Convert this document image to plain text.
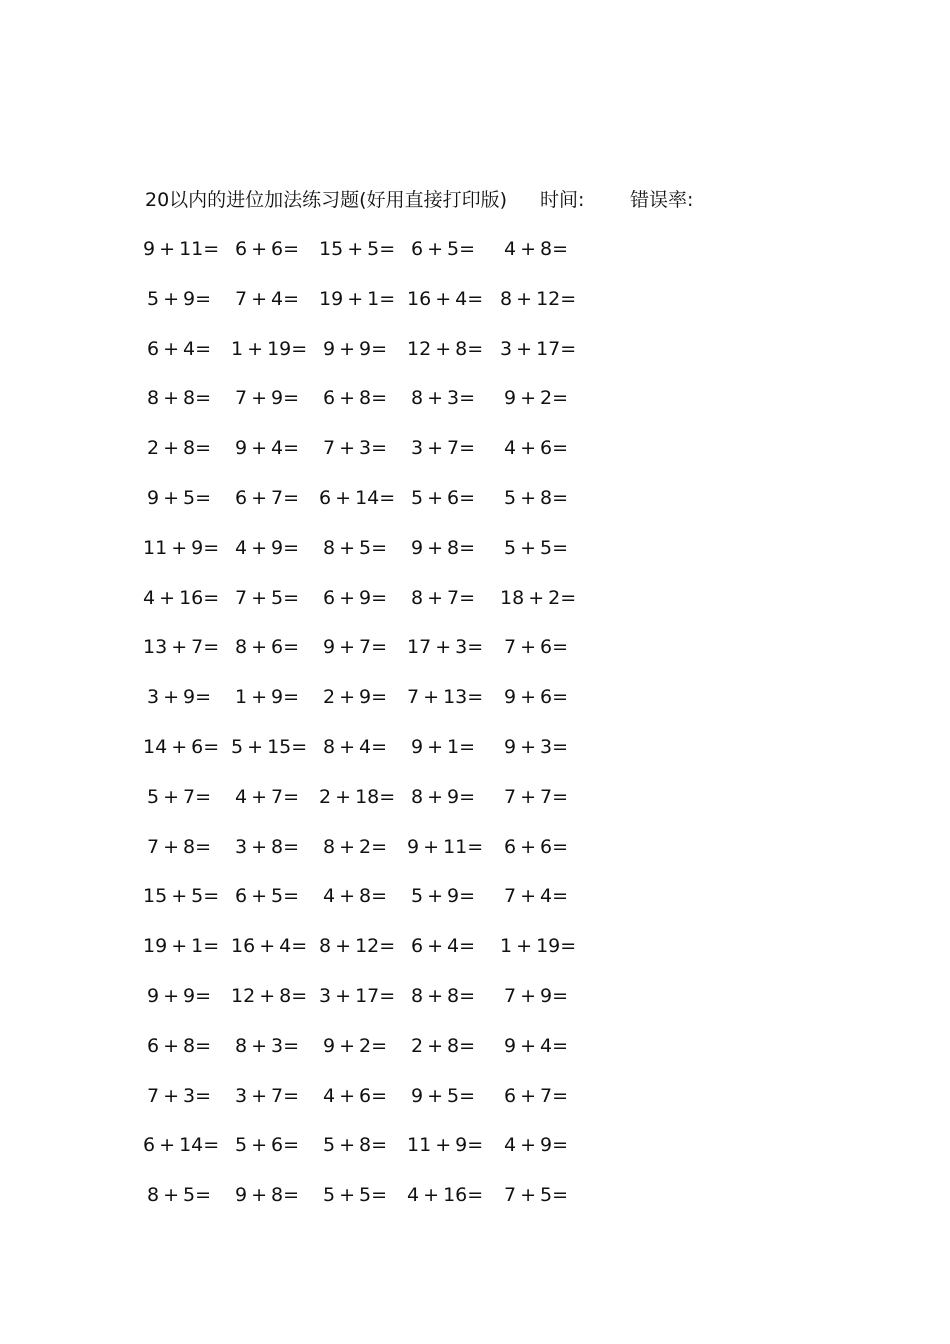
20以内的进位加法练习题(好用直接打印版) 时间: 错误率:
9 + 11= 6 + 6= 15 + 5= 6 + 5= 4 + 8=
5 + 9= 7 + 4= 19 + 1= 16 + 4= 8 + 12=
6 + 4= 1 + 19= 9 + 9= 12 + 8= 3 + 17=
8 + 8= 7 + 9= 6 + 8= 8 + 3= 9 + 2=
2 + 8= 9 + 4= 7 + 3= 3 + 7= 4 + 6=
9 + 5= 6 + 7= 6 + 14= 5 + 6= 5 + 8=
11 + 9= 4 + 9= 8 + 5= 9 + 8= 5 + 5=
4 + 16= 7 + 5= 6 + 9= 8 + 7= 18 + 2=
13 + 7= 8 + 6= 9 + 7= 17 + 3= 7 + 6=
3 + 9= 1 + 9= 2 + 9= 7 + 13= 9 + 6=
14 + 6= 5 + 15= 8 + 4= 9 + 1= 9 + 3=
5 + 7= 4 + 7= 2 + 18= 8 + 9= 7 + 7=
7 + 8= 3 + 8= 8 + 2= 9 + 11= 6 + 6=
15 + 5= 6 + 5= 4 + 8= 5 + 9= 7 + 4=
19 + 1= 16 + 4= 8 + 12= 6 + 4= 1 + 19=
9 + 9= 12 + 8= 3 + 17= 8 + 8= 7 + 9=
6 + 8= 8 + 3= 9 + 2= 2 + 8= 9 + 4=
7 + 3= 3 + 7= 4 + 6= 9 + 5= 6 + 7=
6 + 14= 5 + 6= 5 + 8= 11 + 9= 4 + 9=
8 + 5= 9 + 8= 5 + 5= 4 + 16= 7 + 5=
